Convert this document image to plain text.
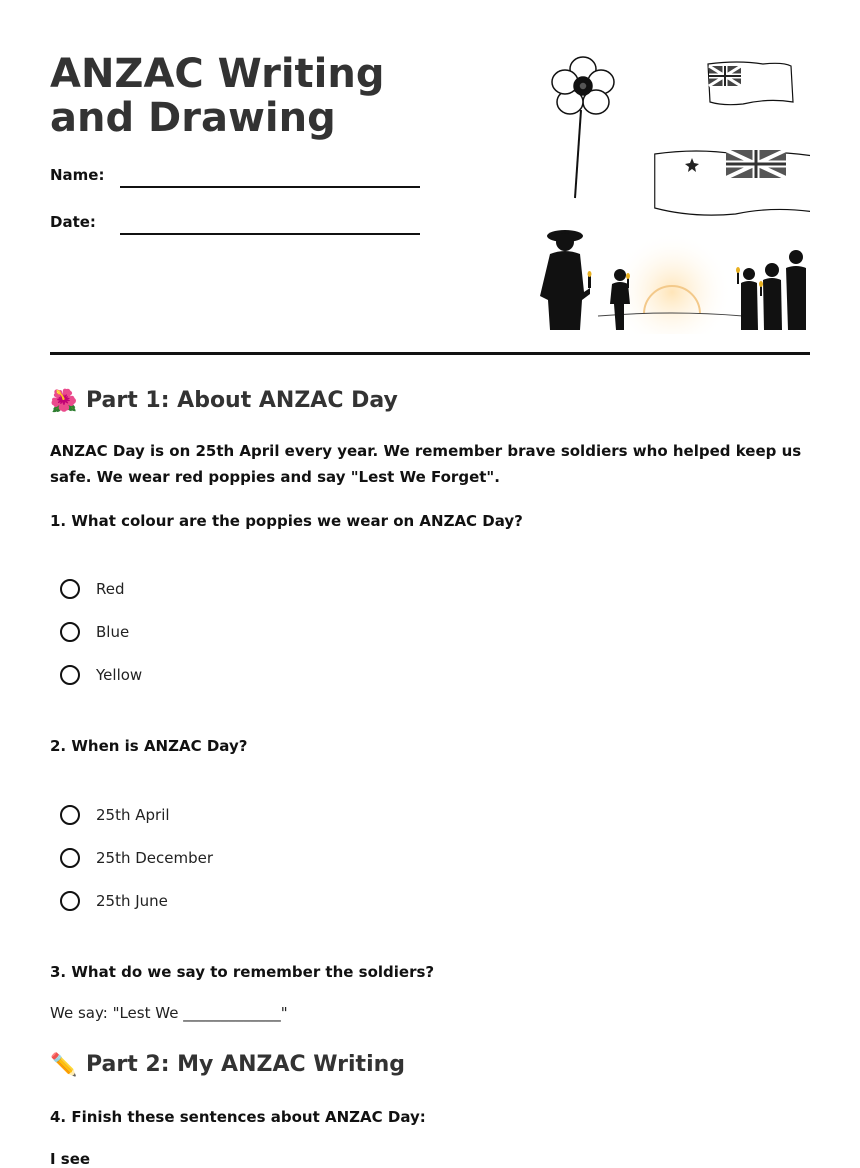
ANZAC Writing and Drawing
Name:
Date:
🌺 Part 1: About ANZAC Day

ANZAC Day is on 25th April every year. We remember brave soldiers who helped keep us safe. We wear red poppies and say "Lest We Forget".

1. What colour are the poppies we wear on ANZAC Day?

Red
Blue
Yellow

2. When is ANZAC Day?

25th April
25th December
25th June

3. What do we say to remember the soldiers?

We say: "Lest We _____________"
✏️ Part 2: My ANZAC Writing

4. Finish these sentences about ANZAC Day:

I see
